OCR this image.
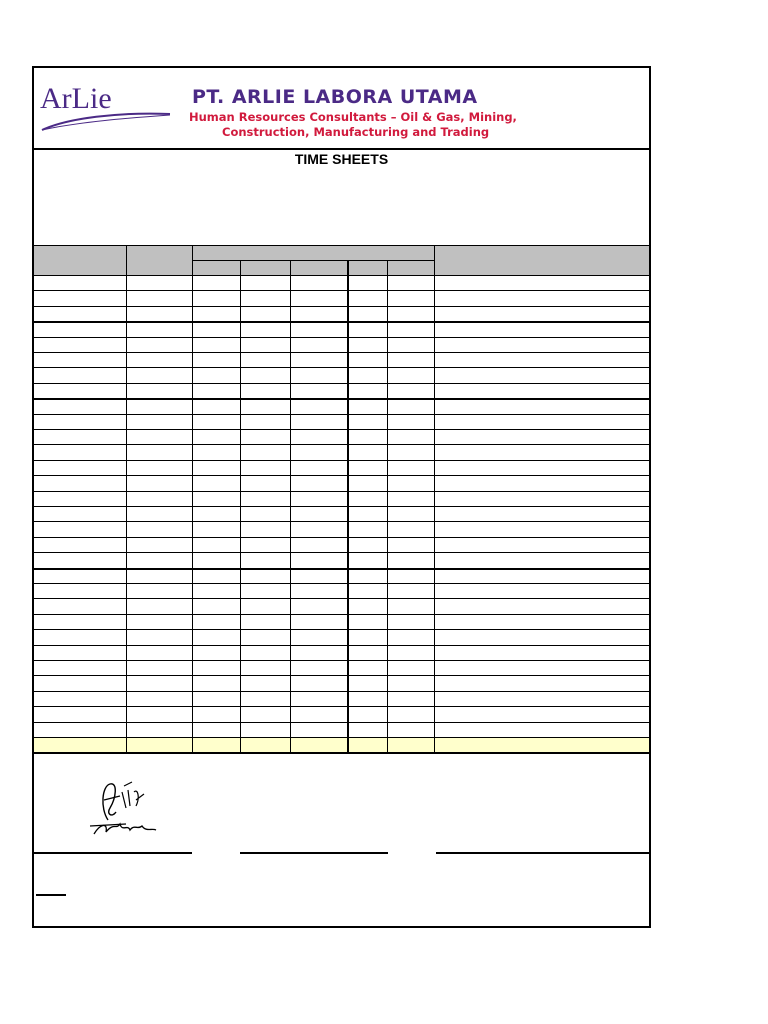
ArLie	PT. ARLIE LABORA UTAMA
Human Resources Consultants – Oil & Gas, Mining,
Construction, Manufacturing and Trading
TIME SHEETS
